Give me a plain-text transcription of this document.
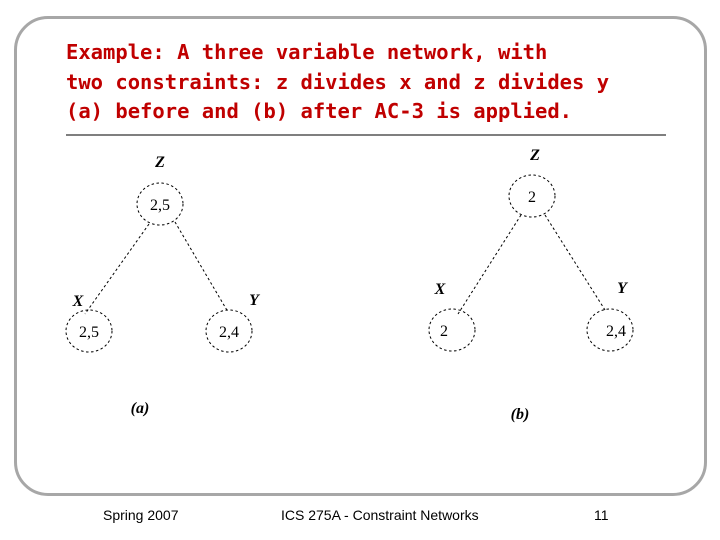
Example: A three variable network, with
two constraints: z divides x and z divides y
(a) before and (b) after AC-3 is applied.
Z
X	Y
2,5
2,5	2,4
Z
X	Y
2
2	2,4
(a)	(b)
Spring 2007	ICS 275A - Constraint Networks	11
